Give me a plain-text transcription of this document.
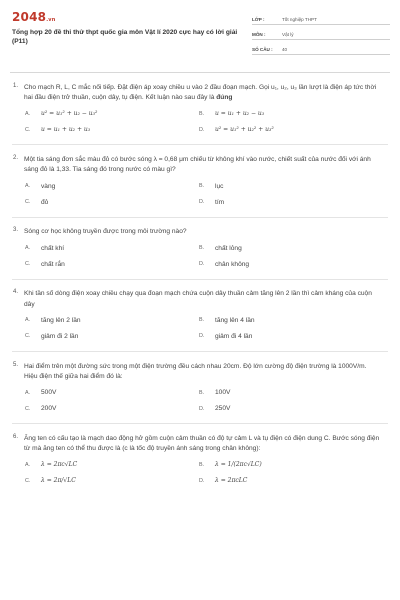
2048.vn
Tổng hợp 20 đề thi thử thpt quốc gia môn Vật lí 2020 cực hay có lời giải (P11)
LỚP :	Tốt nghiệp THPT
MÔN :	Vật lý
SỐ CÂU :	40
1. Cho mạch R, L, C mắc nối tiếp. Đặt điện áp xoay chiều u vào 2 đầu đoạn mạch. Gọi u₁, u₂, u₃ lần lượt là điện áp tức thời hai đầu điện trở thuần, cuộn dây, tụ điện. Kết luận nào sau đây là đúng
A.	u² = u₁² + u₂ − u₃²	B.	u = u₁ + u₂ − u₃
C.	u = u₁ + u₂ + u₃	D.	u² = u₁² + u₂² + u₃²
2. Một tia sáng đơn sắc màu đỏ có bước sóng λ = 0,68 μm chiếu từ không khí vào nước, chiết suất của nước đối với ánh sáng đỏ là 1,33. Tia sáng đó trong nước có màu gì?
A.	vàng	B.	lục
C.	đỏ	D.	tím
3. Sóng cơ học không truyền được trong môi trường nào?
A.	chất khí	B.	chất lỏng
C.	chất rắn	D.	chân không
4. Khi tần số dòng điện xoay chiều chạy qua đoạn mạch chứa cuộn dây thuần cảm tăng lên 2 lần thì cảm kháng của cuộn dây
A.	tăng lên 2 lần	B.	tăng lên 4 lần
C.	giảm đi 2 lần	D.	giảm đi 4 lần
5. Hai điểm trên một đường sức trong một điện trường đều cách nhau 20cm. Độ lớn cường độ điện trường là 1000V/m. Hiệu điện thế giữa hai điểm đó là:
A.	500V	B.	100V
C.	200V	D.	250V
6. Ăng ten có cấu tạo là mạch dao động hở gồm cuộn cảm thuần có độ tự cảm L và tụ điện có điện dung C. Bước sóng điện từ mà ăng ten có thể thu được là (c là tốc độ truyền ánh sáng trong chân không):
A.	λ = 2πc√LC	B.	λ = 1/(2πc√LC)
C.	λ = 2π/√LC	D.	λ = 2πcLC
